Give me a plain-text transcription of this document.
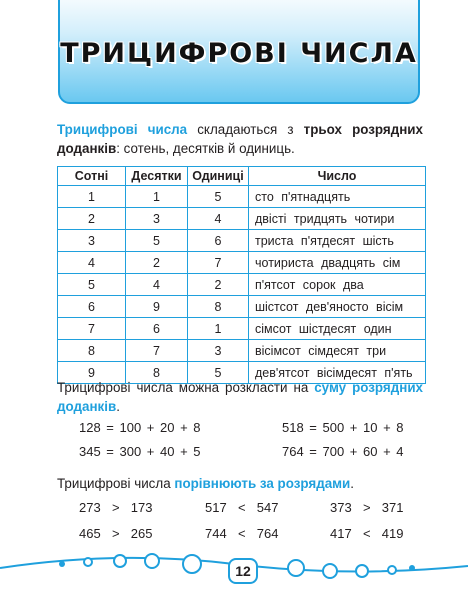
ТРИЦИФРОВІ ЧИСЛА

Трицифрові числа складаються з трьох розрядних доданків: сотень, десятків й одиниць.

Сотні	Десятки	Одиниці	Число
1	1	5	сто п'ятнадцять
2	3	4	двісті тридцять чотири
3	5	6	триста п'ятдесят шість
4	2	7	чотириста двадцять сім
5	4	2	п'ятсот сорок два
6	9	8	шістсот дев'яносто вісім
7	6	1	сімсот шістдесят один
8	7	3	вісімсот сімдесят три
9	8	5	дев'ятсот вісімдесят п'ять

Трицифрові числа можна розкласти на суму розрядних доданків.

128 = 100 + 20 + 8	518 = 500 + 10 + 8
345 = 300 + 40 + 5	764 = 700 + 60 + 4

Трицифрові числа порівнюють за розрядами.

273 > 173	517 < 547	373 > 371
465 > 265	744 < 764	417 < 419
12
